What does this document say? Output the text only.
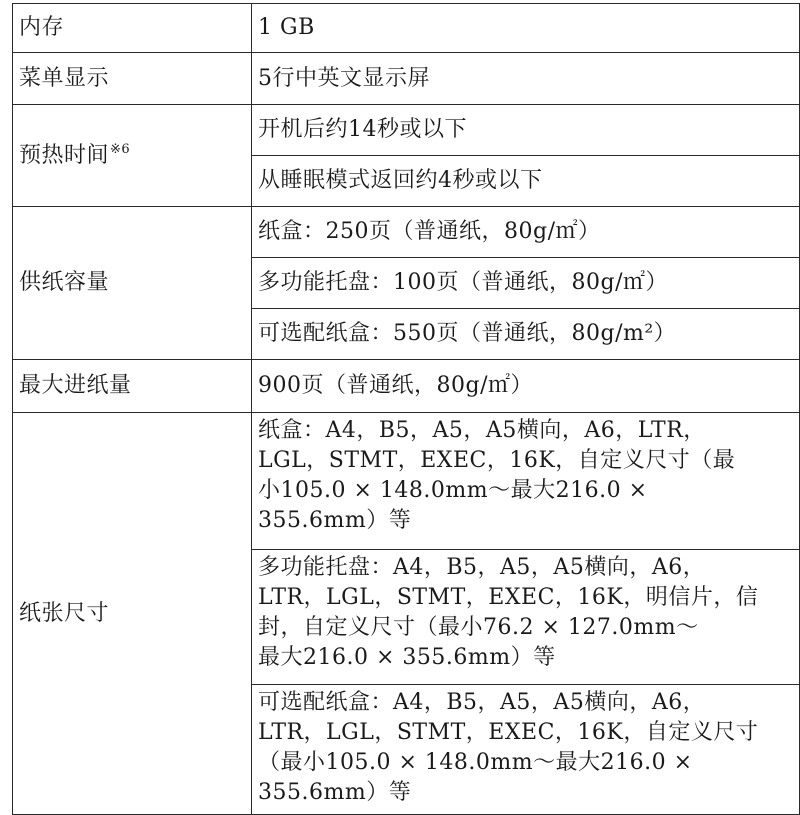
内存	1 GB
菜单显示	5行中英文显示屏
预热时间$^{※6}$	开机后约14秒或以下
	从睡眠模式返回约4秒或以下
供纸容量	纸盒：250页（普通纸，80g/㎡）
	多功能托盘：100页（普通纸，80g/㎡）
	可选配纸盒：550页（普通纸，80g/m²）
最大进纸量	900页（普通纸，80g/㎡）
纸张尺寸	纸盒：A4，B5，A5，A5横向，A6，LTR，
LGL，STMT，EXEC，16K，自定义尺寸（最
小105.0 × 148.0mm～最大216.0 ×
355.6mm）等

	多功能托盘：A4，B5，A5，A5横向，A6，
LTR，LGL，STMT，EXEC，16K，明信片，信
封，自定义尺寸（最小76.2 × 127.0mm～
最大216.0 × 355.6mm）等

	可选配纸盒：A4，B5，A5，A5横向，A6，
LTR，LGL，STMT，EXEC，16K，自定义尺寸
（最小105.0 × 148.0mm～最大216.0 ×
355.6mm）等
